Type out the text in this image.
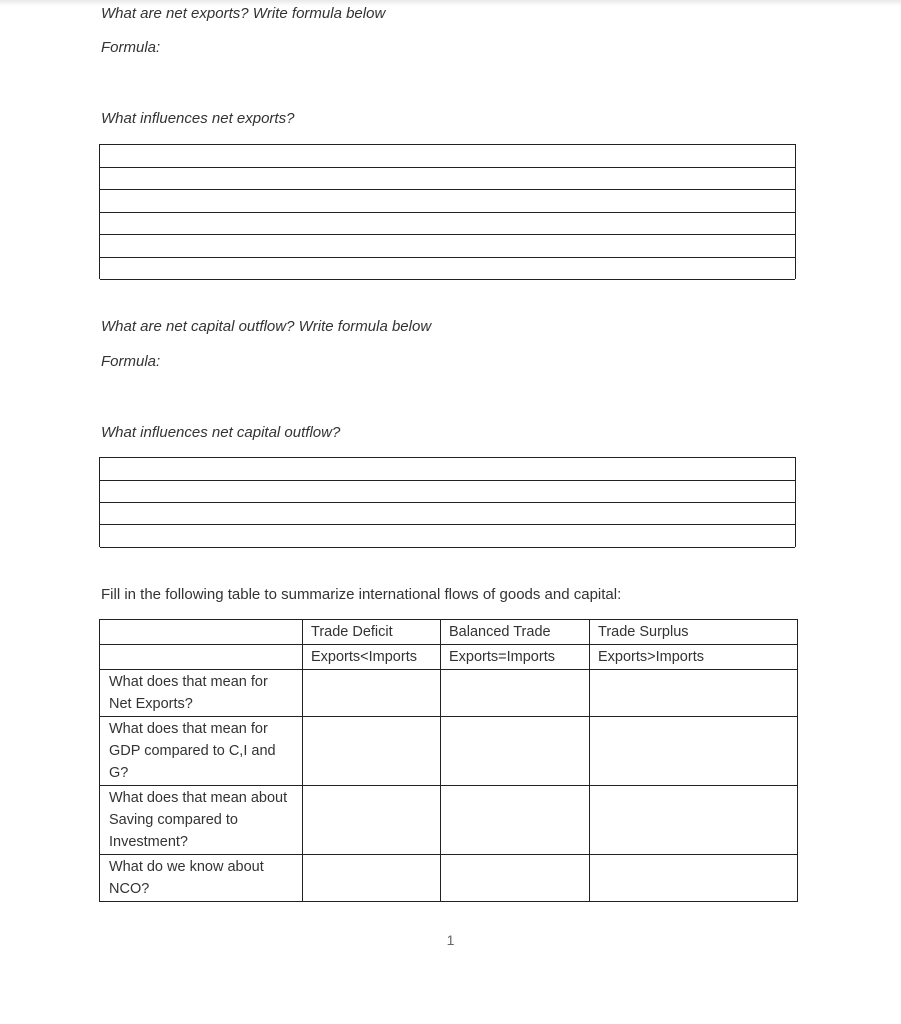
What are net exports? Write formula below
Formula:
What influences net exports?
What are net capital outflow? Write formula below
Formula:
What influences net capital outflow?
Fill in the following table to summarize international flows of goods and capital:
	Trade Deficit	Balanced Trade	Trade Surplus
	Exports<Imports	Exports=Imports	Exports>Imports
What does that mean for Net Exports?			
What does that mean for GDP compared to C,I and G?			
What does that mean about Saving compared to Investment?			
What do we know about NCO?			
1
